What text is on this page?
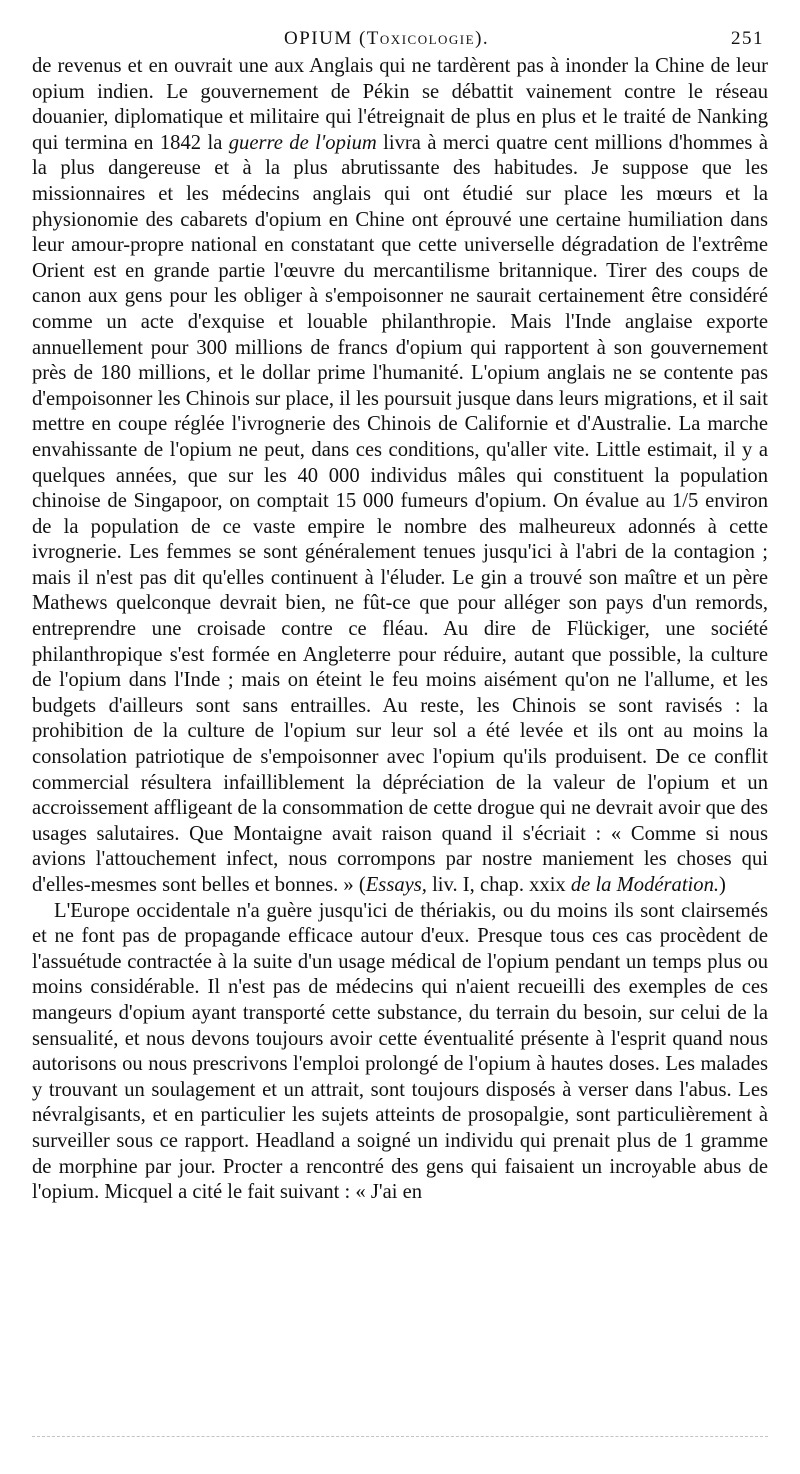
OPIUM (Toxicologie).	251

de revenus et en ouvrait une aux Anglais qui ne tardèrent pas à inonder la Chine de leur opium indien. Le gouvernement de Pékin se débattit vainement contre le réseau douanier, diplomatique et militaire qui l'étreignait de plus en plus et le traité de Nanking qui termina en 1842 la guerre de l'opium livra à merci quatre cent millions d'hommes à la plus dangereuse et à la plus abrutissante des habitudes. Je suppose que les missionnaires et les médecins anglais qui ont étudié sur place les mœurs et la physionomie des cabarets d'opium en Chine ont éprouvé une certaine humiliation dans leur amour-propre national en constatant que cette universelle dégradation de l'extrême Orient est en grande partie l'œuvre du mercantilisme britannique. Tirer des coups de canon aux gens pour les obliger à s'empoisonner ne saurait certainement être considéré comme un acte d'exquise et louable philanthropie. Mais l'Inde anglaise exporte annuellement pour 300 millions de francs d'opium qui rapportent à son gouvernement près de 180 millions, et le dollar prime l'humanité. L'opium anglais ne se contente pas d'empoisonner les Chinois sur place, il les poursuit jusque dans leurs migrations, et il sait mettre en coupe réglée l'ivrognerie des Chinois de Californie et d'Australie. La marche envahissante de l'opium ne peut, dans ces conditions, qu'aller vite. Little estimait, il y a quelques années, que sur les 40 000 individus mâles qui constituent la population chinoise de Singapoor, on comptait 15 000 fumeurs d'opium. On évalue au 1/5 environ de la population de ce vaste empire le nombre des malheureux adonnés à cette ivrognerie. Les femmes se sont généralement tenues jusqu'ici à l'abri de la contagion ; mais il n'est pas dit qu'elles continuent à l'éluder. Le gin a trouvé son maître et un père Mathews quelconque devrait bien, ne fût-ce que pour alléger son pays d'un remords, entreprendre une croisade contre ce fléau. Au dire de Flückiger, une société philanthropique s'est formée en Angleterre pour réduire, autant que possible, la culture de l'opium dans l'Inde ; mais on éteint le feu moins aisément qu'on ne l'allume, et les budgets d'ailleurs sont sans entrailles. Au reste, les Chinois se sont ravisés : la prohibition de la culture de l'opium sur leur sol a été levée et ils ont au moins la consolation patriotique de s'empoisonner avec l'opium qu'ils produisent. De ce conflit commercial résultera infailliblement la dépréciation de la valeur de l'opium et un accroissement affligeant de la consommation de cette drogue qui ne devrait avoir que des usages salutaires. Que Montaigne avait raison quand il s'écriait : « Comme si nous avions l'attouchement infect, nous corrompons par nostre maniement les choses qui d'elles-mesmes sont belles et bonnes. » (Essays, liv. I, chap. xxix de la Modération.)

L'Europe occidentale n'a guère jusqu'ici de thériakis, ou du moins ils sont clairsemés et ne font pas de propagande efficace autour d'eux. Presque tous ces cas procèdent de l'assuétude contractée à la suite d'un usage médical de l'opium pendant un temps plus ou moins considérable. Il n'est pas de médecins qui n'aient recueilli des exemples de ces mangeurs d'opium ayant transporté cette substance, du terrain du besoin, sur celui de la sensualité, et nous devons toujours avoir cette éventualité présente à l'esprit quand nous autorisons ou nous prescrivons l'emploi prolongé de l'opium à hautes doses. Les malades y trouvant un soulagement et un attrait, sont toujours disposés à verser dans l'abus. Les névralgisants, et en particulier les sujets atteints de prosopalgie, sont particulièrement à surveiller sous ce rapport. Headland a soigné un individu qui prenait plus de 1 gramme de morphine par jour. Procter a rencontré des gens qui faisaient un incroyable abus de l'opium. Micquel a cité le fait suivant : « J'ai en
